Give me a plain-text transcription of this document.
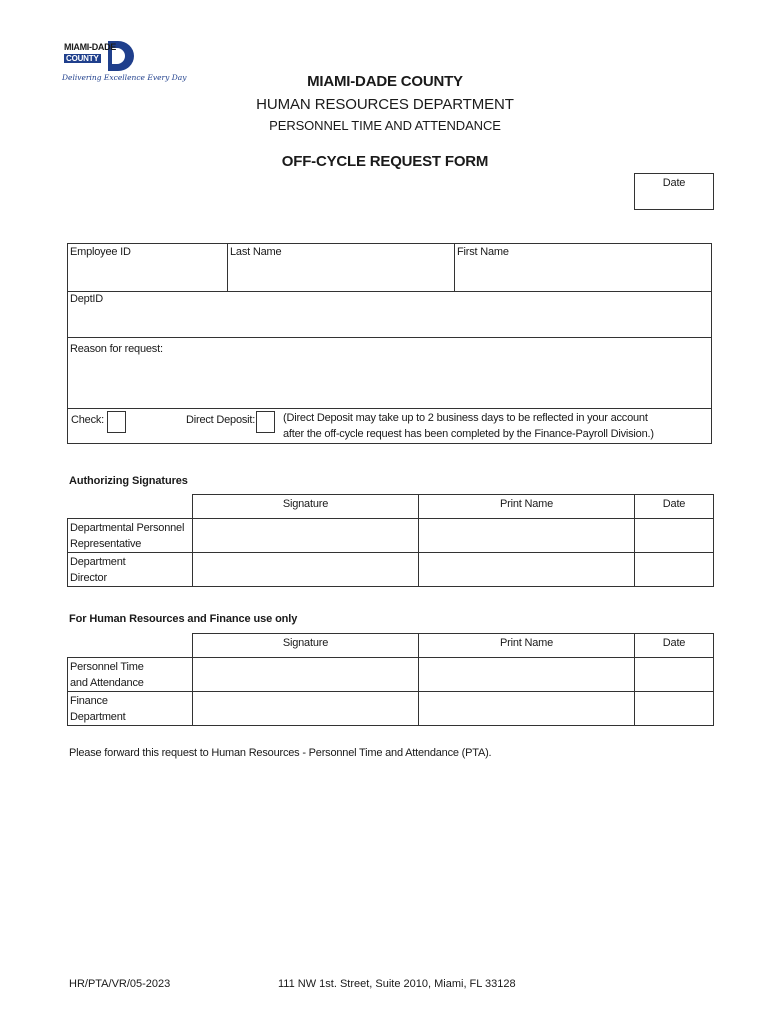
MIAMI-DADE
COUNTY
Delivering Excellence Every Day	MIAMI-DADE COUNTY
HUMAN RESOURCES DEPARTMENT
PERSONNEL TIME AND ATTENDANCE
OFF-CYCLE REQUEST FORM
Date
Employee ID	Last Name	First Name
DeptID
Reason for request:
Check:	Direct Deposit:	(Direct Deposit may take up to 2 business days to be reflected in your account
after the off-cycle request has been completed by the Finance-Payroll Division.)
Authorizing Signatures
	Signature	Print Name	Date

Departmental Personnel
Representative			

Department
Director			

For Human Resources and Finance use only
	Signature	Print Name	Date

Personnel Time
and Attendance			

Finance
Department			

Please forward this request to Human Resources - Personnel Time and Attendance (PTA).
HR/PTA/VR/05-2023	111 NW 1st. Street, Suite 2010, Miami, FL 33128
